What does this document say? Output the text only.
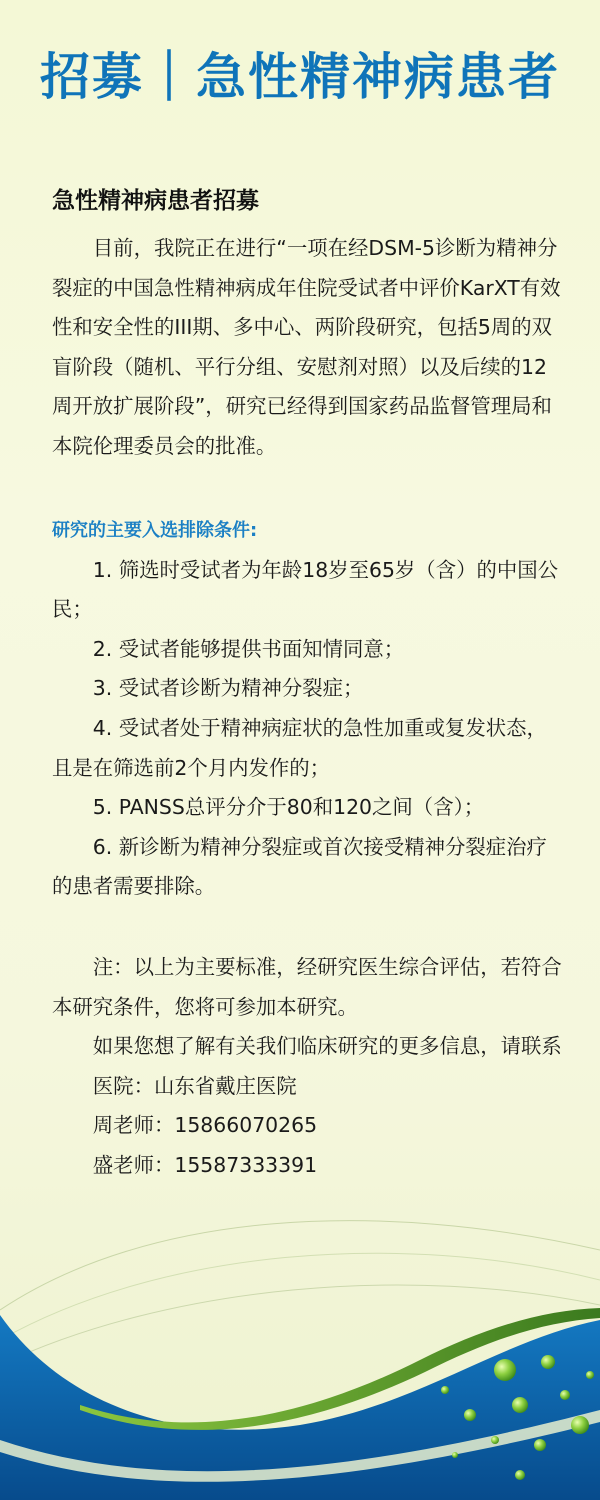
招募｜急性精神病患者
急性精神病患者招募

目前，我院正在进行“一项在经DSM-5诊断为精神分裂症的中国急性精神病成年住院受试者中评价KarXT有效性和安全性的III期、多中心、两阶段研究，包括5周的双盲阶段（随机、平行分组、安慰剂对照）以及后续的12周开放扩展阶段”，研究已经得到国家药品监督管理局和本院伦理委员会的批准。

研究的主要入选排除条件:

1. 筛选时受试者为年龄18岁至65岁（含）的中国公民；

2. 受试者能够提供书面知情同意；

3. 受试者诊断为精神分裂症；

4. 受试者处于精神病症状的急性加重或复发状态，且是在筛选前2个月内发作的；

5. PANSS总评分介于80和120之间（含）；

6. 新诊断为精神分裂症或首次接受精神分裂症治疗的患者需要排除。

注：以上为主要标准，经研究医生综合评估，若符合本研究条件，您将可参加本研究。

如果您想了解有关我们临床研究的更多信息，请联系

医院：山东省戴庄医院

周老师：15866070265

盛老师：15587333391
